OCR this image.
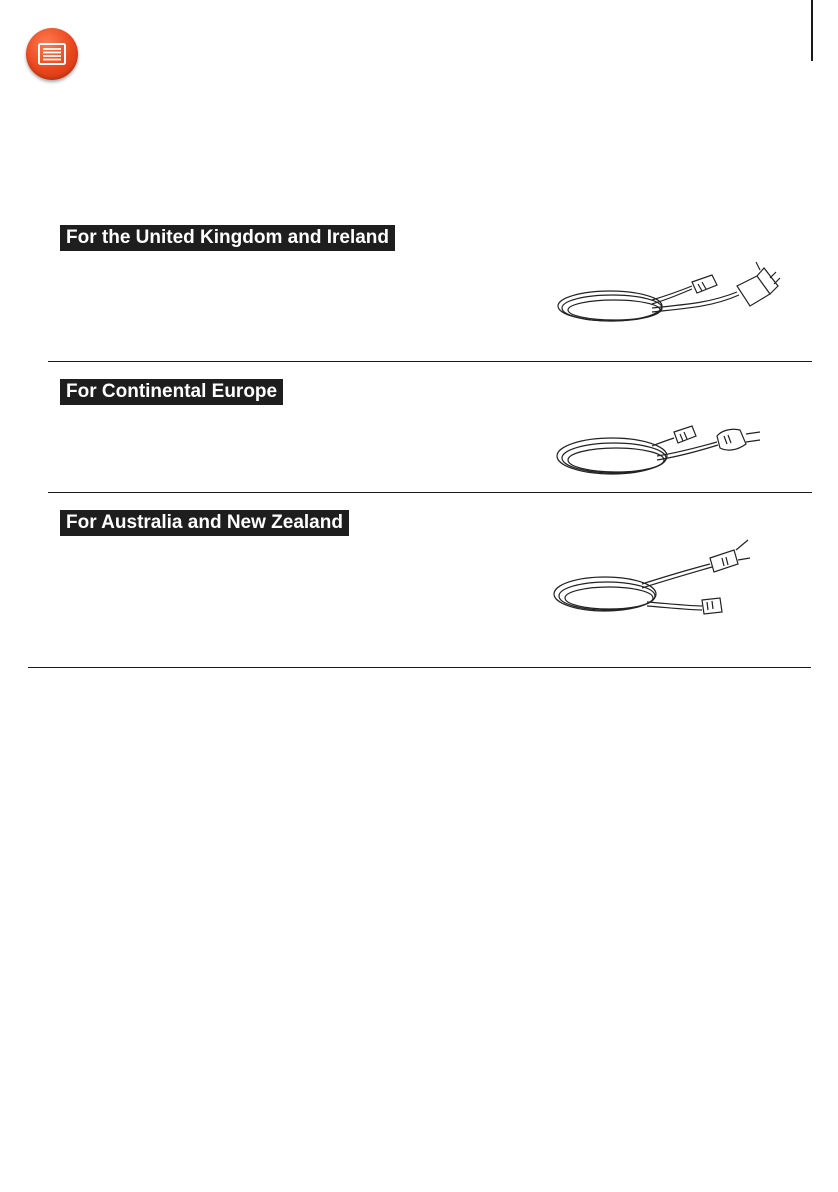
For the United Kingdom and Ireland
For Continental Europe
For Australia and New Zealand
